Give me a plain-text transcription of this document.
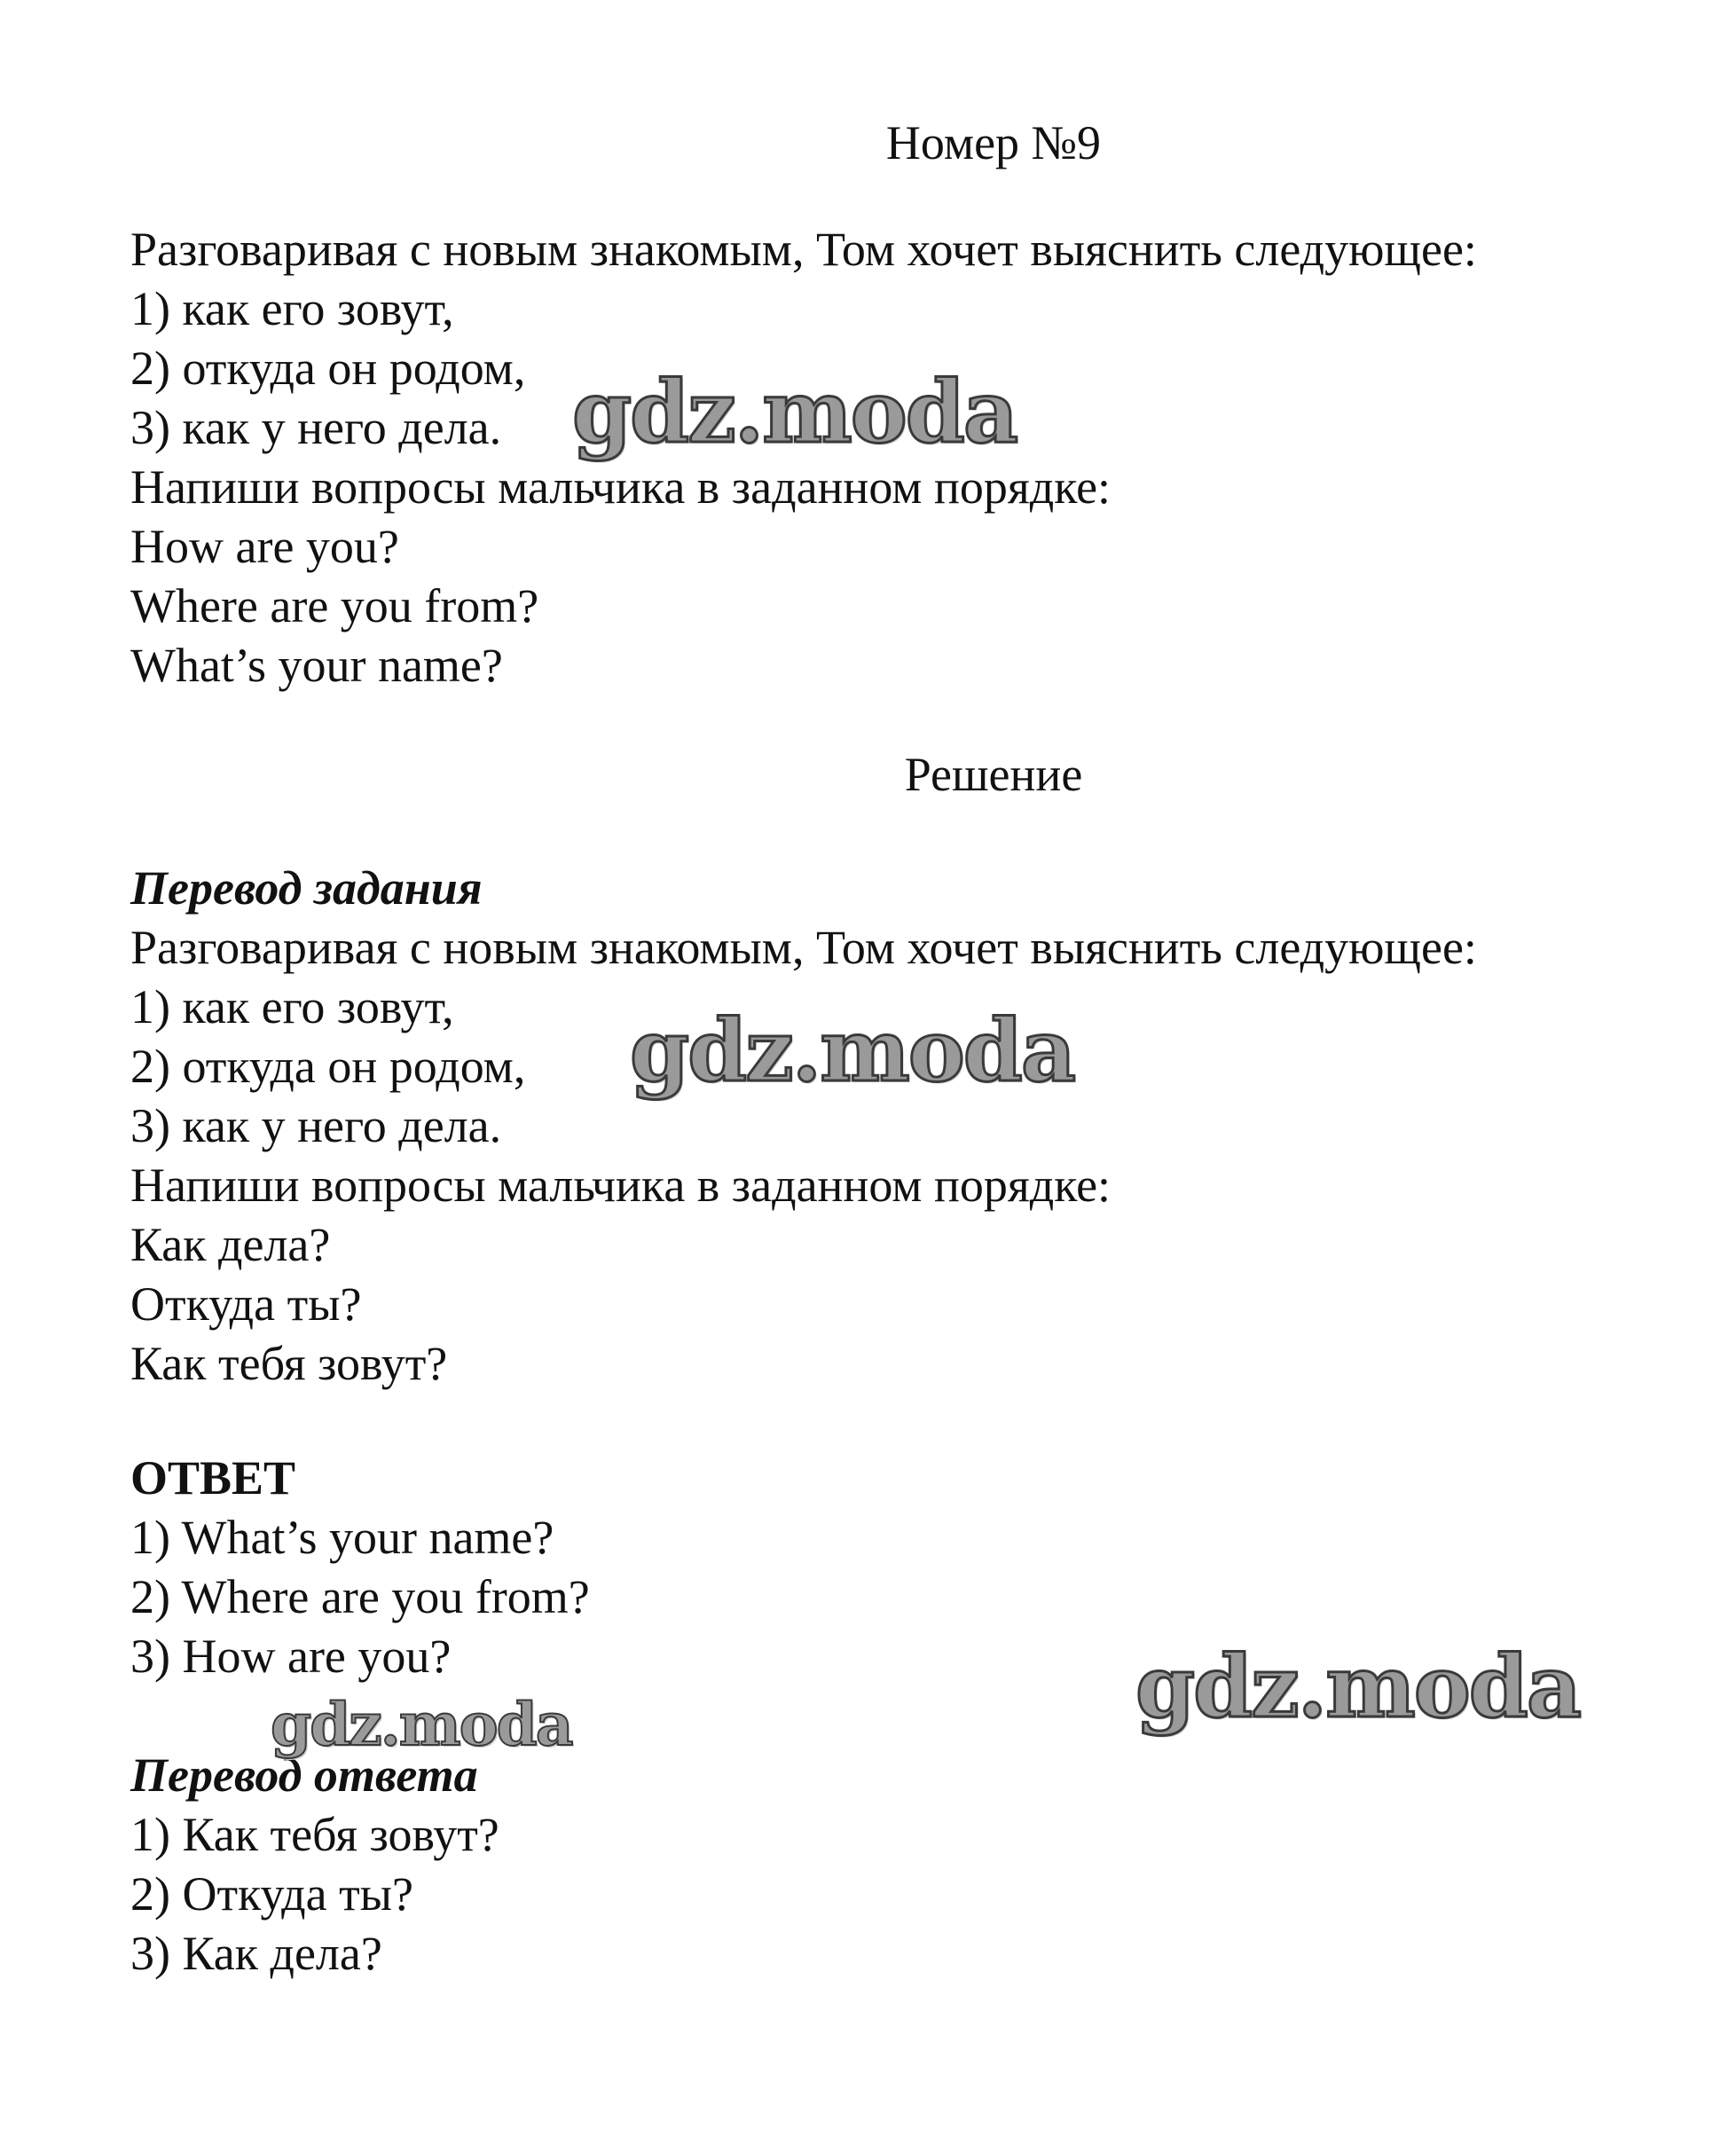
Номер №9
Разговаривая с новым знакомым, Том хочет выяснить следующее:
1) как его зовут,
2) откуда он родом,
3) как у него дела.
Напиши вопросы мальчика в заданном порядке:
How are you?
Where are you from?
What’s your name?
Решение
Перевод задания
Разговаривая с новым знакомым, Том хочет выяснить следующее:
1) как его зовут,
2) откуда он родом,
3) как у него дела.
Напиши вопросы мальчика в заданном порядке:
Как дела?
Откуда ты?
Как тебя зовут?
ОТВЕТ
1) What’s your name?
2) Where are you from?
3) How are you?
Перевод ответа
1) Как тебя зовут?
2) Откуда ты?
3) Как дела?
gdz.moda
gdz.moda
gdz.moda
gdz.moda
